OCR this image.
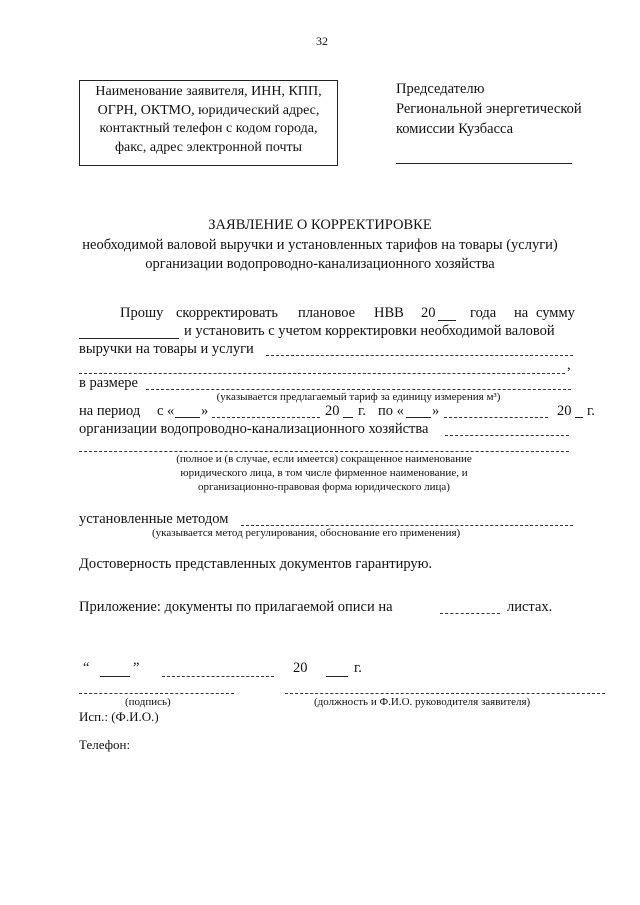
32
Наименование заявителя, ИНН, КПП,
ОГРН, ОКТМО, юридический адрес,
контактный телефон с кодом города,
факс, адрес электронной почты
Председателю
Региональной энергетической
комиссии Кузбасса
ЗАЯВЛЕНИЕ О КОРРЕКТИРОВКЕ
необходимой валовой выручки и установленных тарифов на товары (услуги)
организации водопроводно-канализационного хозяйства
Прошу скорректировать плановое НВВ 20 года на сумму
и установить с учетом корректировки необходимой валовой
выручки на товары и услуги
,
в размере
(указывается предлагаемый тариф за единицу измерения м³)
на период с « »	20 г. по « »	20 г.
организации водопроводно-канализационного хозяйства
(полное и (в случае, если имеется) сокращенное наименование
юридического лица, в том числе фирменное наименование, и
организационно-правовая форма юридического лица)
установленные методом
(указывается метод регулирования, обоснование его применения)
Достоверность представленных документов гарантирую.
Приложение: документы по прилагаемой описи на	листах.
“	”	20	г.
(подпись)	(должность и Ф.И.О. руководителя заявителя)
Исп.: (Ф.И.О.)
Телефон:
